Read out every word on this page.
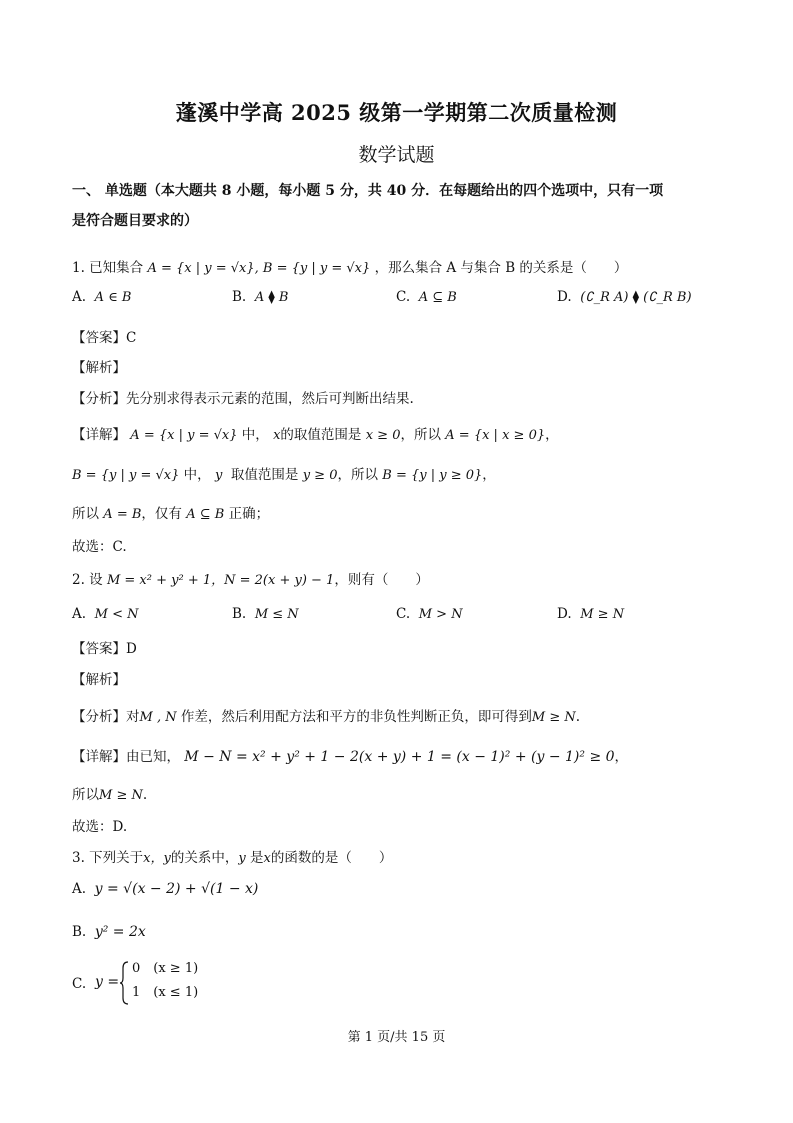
蓬溪中学高 2025 级第一学期第二次质量检测
数学试题
一、 单选题（本大题共 8 小题，每小题 5 分，共 40 分．在每题给出的四个选项中，只有一项
是符合题目要求的）
1. 已知集合 A = {x | y = √x}, B = {y | y = √x} ，那么集合 A 与集合 B 的关系是（　　）
A. A ∈ B	B. A ⧫ B	C. A ⊆ B	D. (∁_R A) ⧫ (∁_R B)
【答案】C
【解析】
【分析】先分别求得表示元素的范围，然后可判断出结果.
【详解】 A = {x | y = √x} 中， x的取值范围是 x ≥ 0，所以 A = {x | x ≥ 0}，
B = {y | y = √x} 中， y 取值范围是 y ≥ 0，所以 B = {y | y ≥ 0}，
所以 A = B，仅有 A ⊆ B 正确；
故选：C.
2. 设 M = x² + y² + 1，N = 2(x + y) − 1，则有（　　）
A. M < N	B. M ≤ N	C. M > N	D. M ≥ N
【答案】D
【解析】
【分析】对M , N 作差，然后利用配方法和平方的非负性判断正负，即可得到M ≥ N.
【详解】由已知， M − N = x² + y² + 1 − 2(x + y) + 1 = (x − 1)² + (y − 1)² ≥ 0，
所以M ≥ N.
故选：D.
3. 下列关于x，y的关系中，y 是x的函数的是（　　）
A. y = √(x − 2) + √(1 − x)
B. y² = 2x
C. y =
0　(x ≥ 1)
1　(x ≤ 1)
第 1 页/共 15 页
